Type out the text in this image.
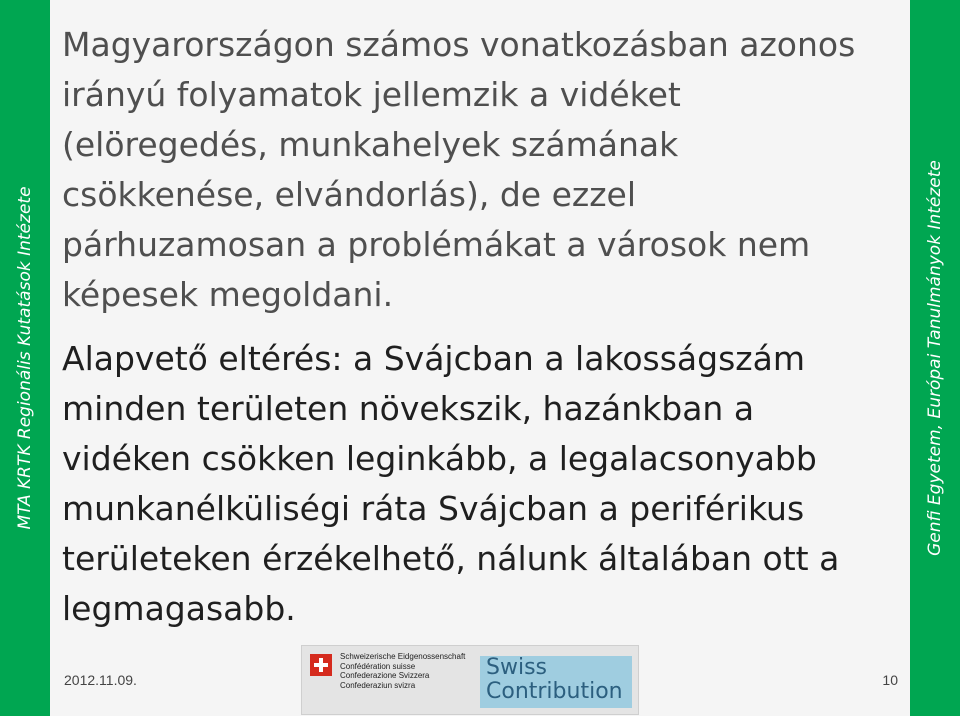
MTA KRTK Regionális Kutatások Intézete
Magyarországon számos vonatkozásban azonos
irányú folyamatok jellemzik a vidéket
(elöregedés, munkahelyek számának
csökkenése, elvándorlás), de ezzel
párhuzamosan a problémákat a városok nem
képesek megoldani.
Alapvető eltérés: a Svájcban a lakosságszám
minden területen növekszik, hazánkban a
vidéken csökken leginkább, a legalacsonyabb
munkanélküliségi ráta Svájcban a periférikus
területeken érzékelhető, nálunk általában ott a
legmagasabb.
2012.11.09.
Schweizerische Eidgenossenschaft
Confédération suisse
Confederazione Svizzera
Confederaziun svizra
Swiss
Contribution	10
Genfi Egyetem, Európai Tanulmányok Intézete
